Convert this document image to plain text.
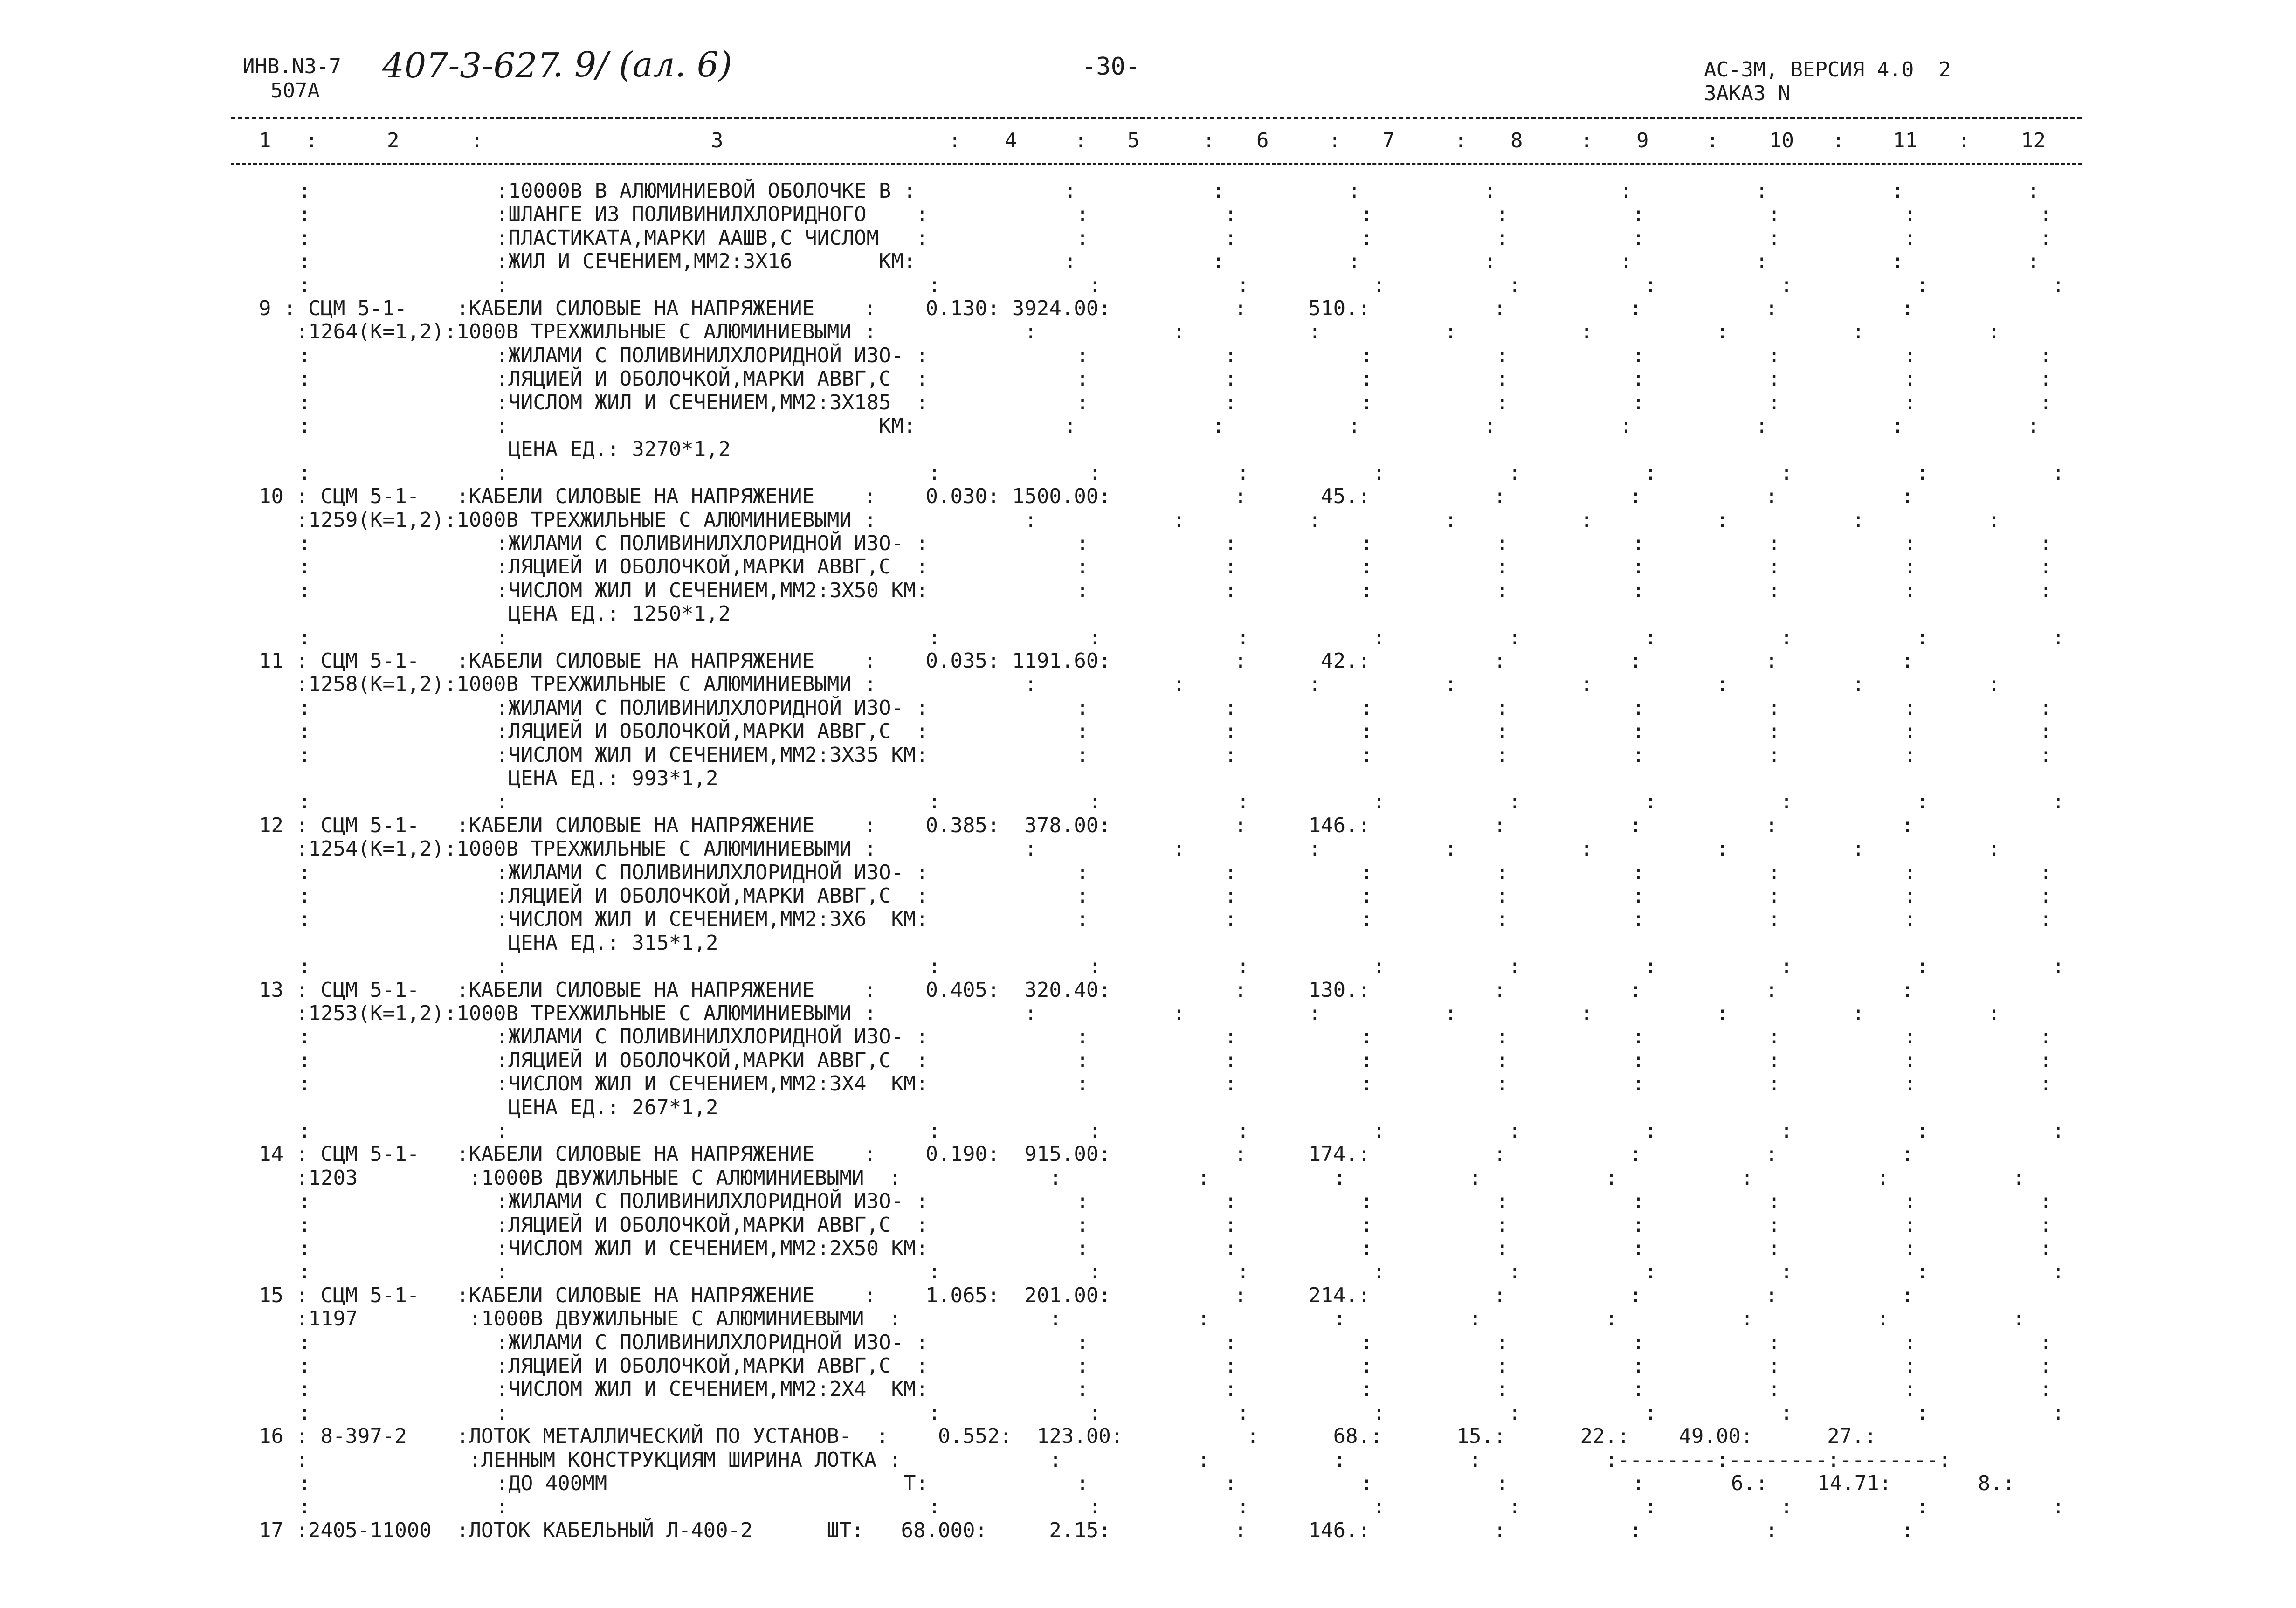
ИНВ.N3-7
507А
407-3-627
. 9/ (ал. 6)	-30-	АС-3М, ВЕРСИЯ 4.0  2
ЗАКАЗ N
1	2	3	4	5	6	7	8	9	10	11	12
:	:	:	:	:	:	:	:	:	:	:
:               :10000В В АЛЮМИНИЕВОЙ ОБОЛОЧКЕ В :            :           :          :          :          :          :          :          :
:               :ШЛАНГЕ ИЗ ПОЛИВИНИЛХЛОРИДНОГО    :            :           :          :          :          :          :          :          :
:               :ПЛАСТИКАТА,МАРКИ ААШВ,С ЧИСЛОМ   :            :           :          :          :          :          :          :          :
:               :ЖИЛ И СЕЧЕНИЕМ,ММ2:3Х16       КМ:            :           :          :          :          :          :          :          :
:               :                                  :            :           :          :          :          :          :          :          :
9 : СЦМ 5-1-    :КАБЕЛИ СИЛОВЫЕ НА НАПРЯЖЕНИЕ    :    0.130: 3924.00:          :     510.:          :          :          :          :
:1264(К=1,2):1000В ТРЕХЖИЛЬНЫЕ С АЛЮМИНИЕВЫМИ :            :           :          :          :          :          :          :          :
:               :ЖИЛАМИ С ПОЛИВИНИЛХЛОРИДНОЙ ИЗО- :            :           :          :          :          :          :          :          :
:               :ЛЯЦИЕЙ И ОБОЛОЧКОЙ,МАРКИ АВВГ,С  :            :           :          :          :          :          :          :          :
:               :ЧИСЛОМ ЖИЛ И СЕЧЕНИЕМ,ММ2:3Х185  :            :           :          :          :          :          :          :          :
:               :                              КМ:            :           :          :          :          :          :          :          :
ЦЕНА ЕД.: 3270*1,2
:               :                                  :            :           :          :          :          :          :          :          :
10 : СЦМ 5-1-   :КАБЕЛИ СИЛОВЫЕ НА НАПРЯЖЕНИЕ    :    0.030: 1500.00:          :      45.:          :          :          :          :
:1259(К=1,2):1000В ТРЕХЖИЛЬНЫЕ С АЛЮМИНИЕВЫМИ :            :           :          :          :          :          :          :          :
:               :ЖИЛАМИ С ПОЛИВИНИЛХЛОРИДНОЙ ИЗО- :            :           :          :          :          :          :          :          :
:               :ЛЯЦИЕЙ И ОБОЛОЧКОЙ,МАРКИ АВВГ,С  :            :           :          :          :          :          :          :          :
:               :ЧИСЛОМ ЖИЛ И СЕЧЕНИЕМ,ММ2:3Х50 КМ:            :           :          :          :          :          :          :          :
ЦЕНА ЕД.: 1250*1,2
:               :                                  :            :           :          :          :          :          :          :          :
11 : СЦМ 5-1-   :КАБЕЛИ СИЛОВЫЕ НА НАПРЯЖЕНИЕ    :    0.035: 1191.60:          :      42.:          :          :          :          :
:1258(К=1,2):1000В ТРЕХЖИЛЬНЫЕ С АЛЮМИНИЕВЫМИ :            :           :          :          :          :          :          :          :
:               :ЖИЛАМИ С ПОЛИВИНИЛХЛОРИДНОЙ ИЗО- :            :           :          :          :          :          :          :          :
:               :ЛЯЦИЕЙ И ОБОЛОЧКОЙ,МАРКИ АВВГ,С  :            :           :          :          :          :          :          :          :
:               :ЧИСЛОМ ЖИЛ И СЕЧЕНИЕМ,ММ2:3Х35 КМ:            :           :          :          :          :          :          :          :
ЦЕНА ЕД.: 993*1,2
:               :                                  :            :           :          :          :          :          :          :          :
12 : СЦМ 5-1-   :КАБЕЛИ СИЛОВЫЕ НА НАПРЯЖЕНИЕ    :    0.385:  378.00:          :     146.:          :          :          :          :
:1254(К=1,2):1000В ТРЕХЖИЛЬНЫЕ С АЛЮМИНИЕВЫМИ :            :           :          :          :          :          :          :          :
:               :ЖИЛАМИ С ПОЛИВИНИЛХЛОРИДНОЙ ИЗО- :            :           :          :          :          :          :          :          :
:               :ЛЯЦИЕЙ И ОБОЛОЧКОЙ,МАРКИ АВВГ,С  :            :           :          :          :          :          :          :          :
:               :ЧИСЛОМ ЖИЛ И СЕЧЕНИЕМ,ММ2:3Х6  КМ:            :           :          :          :          :          :          :          :
ЦЕНА ЕД.: 315*1,2
:               :                                  :            :           :          :          :          :          :          :          :
13 : СЦМ 5-1-   :КАБЕЛИ СИЛОВЫЕ НА НАПРЯЖЕНИЕ    :    0.405:  320.40:          :     130.:          :          :          :          :
:1253(К=1,2):1000В ТРЕХЖИЛЬНЫЕ С АЛЮМИНИЕВЫМИ :            :           :          :          :          :          :          :          :
:               :ЖИЛАМИ С ПОЛИВИНИЛХЛОРИДНОЙ ИЗО- :            :           :          :          :          :          :          :          :
:               :ЛЯЦИЕЙ И ОБОЛОЧКОЙ,МАРКИ АВВГ,С  :            :           :          :          :          :          :          :          :
:               :ЧИСЛОМ ЖИЛ И СЕЧЕНИЕМ,ММ2:3Х4  КМ:            :           :          :          :          :          :          :          :
ЦЕНА ЕД.: 267*1,2
:               :                                  :            :           :          :          :          :          :          :          :
14 : СЦМ 5-1-   :КАБЕЛИ СИЛОВЫЕ НА НАПРЯЖЕНИЕ    :    0.190:  915.00:          :     174.:          :          :          :          :
:1203         :1000В ДВУЖИЛЬНЫЕ С АЛЮМИНИЕВЫМИ  :            :           :          :          :          :          :          :          :
:               :ЖИЛАМИ С ПОЛИВИНИЛХЛОРИДНОЙ ИЗО- :            :           :          :          :          :          :          :          :
:               :ЛЯЦИЕЙ И ОБОЛОЧКОЙ,МАРКИ АВВГ,С  :            :           :          :          :          :          :          :          :
:               :ЧИСЛОМ ЖИЛ И СЕЧЕНИЕМ,ММ2:2Х50 КМ:            :           :          :          :          :          :          :          :
:               :                                  :            :           :          :          :          :          :          :          :
15 : СЦМ 5-1-   :КАБЕЛИ СИЛОВЫЕ НА НАПРЯЖЕНИЕ    :    1.065:  201.00:          :     214.:          :          :          :          :
:1197         :1000В ДВУЖИЛЬНЫЕ С АЛЮМИНИЕВЫМИ  :            :           :          :          :          :          :          :          :
:               :ЖИЛАМИ С ПОЛИВИНИЛХЛОРИДНОЙ ИЗО- :            :           :          :          :          :          :          :          :
:               :ЛЯЦИЕЙ И ОБОЛОЧКОЙ,МАРКИ АВВГ,С  :            :           :          :          :          :          :          :          :
:               :ЧИСЛОМ ЖИЛ И СЕЧЕНИЕМ,ММ2:2Х4  КМ:            :           :          :          :          :          :          :          :
:               :                                  :            :           :          :          :          :          :          :          :
16 : 8-397-2    :ЛОТОК МЕТАЛЛИЧЕСКИЙ ПО УСТАНОВ-  :    0.552:  123.00:          :      68.:      15.:      22.:    49.00:      27.:
:             :ЛЕННЫМ КОНСТРУКЦИЯМ ШИРИНА ЛОТКА :            :           :          :          :          :--------:--------:--------:
:               :ДО 400ММ                        Т:            :           :          :          :          :       6.:    14.71:       8.:
:               :                                  :            :           :          :          :          :          :          :          :
17 :2405-11000  :ЛОТОК КАБЕЛЬНЫЙ Л-400-2      ШТ:   68.000:     2.15:          :     146.:          :          :          :          :
